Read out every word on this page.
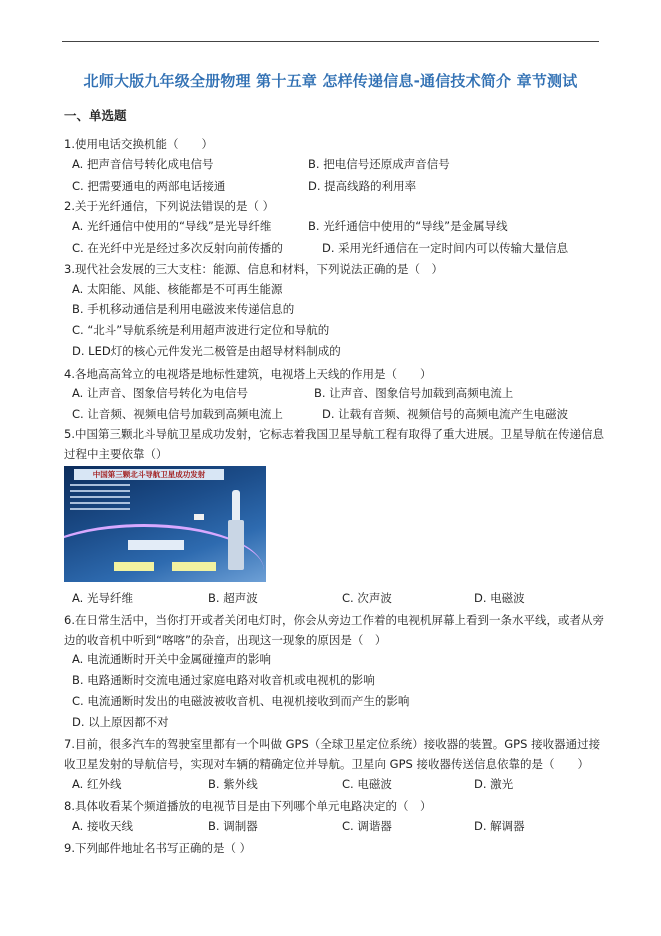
北师大版九年级全册物理 第十五章 怎样传递信息-通信技术简介 章节测试
一、单选题
1.使用电话交换机能（　　）
A. 把声音信号转化成电信号	B. 把电信号还原成声音信号
C. 把需要通电的两部电话接通	D. 提高线路的利用率
2.关于光纤通信，下列说法错误的是（ ）
A. 光纤通信中使用的“导线”是光导纤维	B. 光纤通信中使用的“导线”是金属导线
C. 在光纤中光是经过多次反射向前传播的	D. 采用光纤通信在一定时间内可以传输大量信息
3.现代社会发展的三大支柱：能源、信息和材料，下列说法正确的是（　）
A. 太阳能、风能、核能都是不可再生能源
B. 手机移动通信是利用电磁波来传递信息的
C. “北斗”导航系统是利用超声波进行定位和导航的
D. LED灯的核心元件发光二极管是由超导材料制成的
4.各地高高耸立的电视塔是地标性建筑，电视塔上天线的作用是（　　）
A. 让声音、图象信号转化为电信号	B. 让声音、图象信号加载到高频电流上
C. 让音频、视频电信号加载到高频电流上	D. 让载有音频、视频信号的高频电流产生电磁波
5.中国第三颗北斗导航卫星成功发射，它标志着我国卫星导航工程有取得了重大进展。卫星导航在传递信息过程中主要依靠（）
中国第三颗北斗导航卫星成功发射
A. 光导纤维	B. 超声波	C. 次声波	D. 电磁波
6.在日常生活中，当你打开或者关闭电灯时，你会从旁边工作着的电视机屏幕上看到一条水平线，或者从旁边的收音机中听到“喀喀”的杂音，出现这一现象的原因是（　）
A. 电流通断时开关中金属碰撞声的影响
B. 电路通断时交流电通过家庭电路对收音机或电视机的影响
C. 电流通断时发出的电磁波被收音机、电视机接收到而产生的影响
D. 以上原因都不对
7.目前，很多汽车的驾驶室里都有一个叫做 GPS（全球卫星定位系统）接收器的装置。GPS 接收器通过接收卫星发射的导航信号，实现对车辆的精确定位并导航。卫星向 GPS 接收器传送信息依靠的是（　　）
A. 红外线	B. 紫外线	C. 电磁波	D. 激光
8.具体收看某个频道播放的电视节目是由下列哪个单元电路决定的（　）
A. 接收天线	B. 调制器	C. 调谐器	D. 解调器
9.下列邮件地址名书写正确的是（ ）
